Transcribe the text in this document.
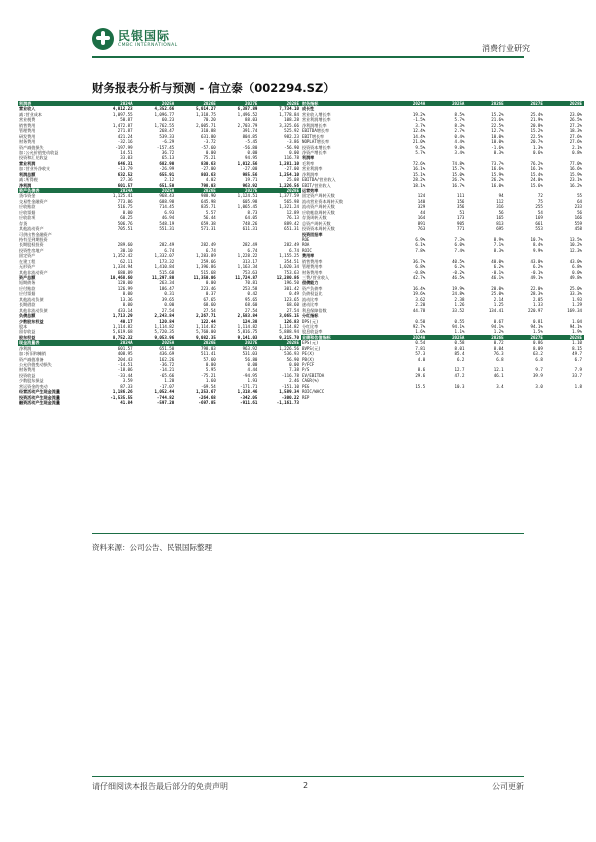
民银国际
CMBC INTERNATIONAL	消费行业研究
财务报表分析与预测 - 信立泰（002294.SZ）
利润表	2024A	2025A	2026E	2027E	2028E
营业收入	4,012.23	4,352.66	5,014.27	6,387.89	7,734.10
减:营业成本	1,097.55	1,096.77	1,318.75	1,496.52	1,778.84
营业税费	50.87	60.23	70.20	88.03	108.28
销售费用	1,472.87	1,762.55	2,005.71	2,703.79	3,325.66
管理费用	271.87	268.47	310.88	391.74	525.92
研发费用	421.24	539.33	631.80	804.85	982.23
财务费用	-32.16	-6.29	-3.72	-5.45	-3.86
资产减值损失	-197.99	-157.45	-57.60	-56.80	-56.90
加:公允价值变动收益	14.51	36.72	0.00	0.00	0.00
投资和汇兑收益	33.03	65.13	75.21	94.95	116.78
营业利润	646.31	682.90	830.63	1,012.56	1,281.10
加:营业外净收支	-13.79	-26.99	-27.00	-27.00	-27.00
利润总额	632.52	655.91	803.63	985.56	1,254.10
减:所得税	27.36	2.12	4.02	19.71	25.08
净利润	601.57	651.50	798.03	963.92	1,226.56
资产负债表	2024A	2025A	2026E	2027E	2028E
货币资金	1,125.41	968.43	988.90	1,124.51	1,377.59
交易性金融资产	773.86	688.98	645.98	605.98	565.98
应收账款	516.75	714.45	835.71	1,065.45	1,321.24
应收票据	0.00	6.93	5.57	8.73	12.89
应收款项	60.25	46.94	56.44	64.05	76.13
存货	506.76	548.19	659.38	748.26	889.42
其他流动资产	705.51	551.31	571.31	611.31	651.31
可供出售金融资产
持有至到期投资
长期股权投资	289.60	282.49	282.49	282.49	282.49
投资性房地产	30.10	6.74	6.74	6.74	6.74
固定资产	1,352.42	1,332.07	1,283.89	1,228.22	1,155.25
在建工程	62.11	173.32	259.66	313.17	354.51
无形资产	1,334.94	1,410.84	1,396.86	1,163.34	1,020.34
其他非流动资产	680.89	515.68	515.68	753.63	753.63
资产总额	10,468.60	11,297.80	11,350.06	11,724.87	12,280.86
短期债务	120.00	263.34	0.00	70.81	196.50
应付账款	126.99	186.47	223.46	253.58	301.42
应付票据	0.00	0.31	0.37	0.42	0.49
其他流动负债	13.36	39.65	67.65	95.65	123.65
长期借款	0.00	0.00	68.60	68.60	68.60
其他非流动负债	433.14	27.54	27.54	27.54	27.54
负债总额	1,713.29	2,243.84	2,267.71	2,583.84	3,065.15
少数股东权益	40.17	120.84	122.44	124.38	126.83
股本	1,114.82	1,114.82	1,114.82	1,114.82	1,114.82
留存收益	5,619.68	5,720.35	5,760.00	5,816.75	5,888.94
股东权益	8,752.32	9,053.96	9,082.35	9,141.03	9,215.70
现金流量表	2024A	2025A	2026E	2027E	2028E
净利润	601.57	651.50	798.03	963.92	1,226.56
加:折旧和摊销	408.95	436.69	511.41	531.03	536.93
资产减值准备	204.43	162.26	57.60	56.80	56.90
公允价值变动损失	-14.51	-36.72	0.00	0.00	0.00
财务费用	-18.06	-14.21	5.95	4.44	7.38
投资收益	-33.44	-65.66	-75.21	-94.95	-116.78
少数股东损益	3.59	1.28	1.60	1.93	2.46
营运资金的变动	87.33	-17.07	-69.54	-171.71	-151.10
经营活动产生现金流量	1,186.26	1,052.44	1,253.67	1,318.46	1,589.34
投资活动产生现金流量	-1,535.55	-744.82	-264.68	-342.05	-300.22
融资活动产生现金流量	41.84	-597.20	-697.85	-911.61	-1,161.73
财务指标	2024A	2025A	2026E	2027E	2028E
成长性
营业收入增长率	19.2%	8.5%	15.2%	25.4%	23.0%
营业利润增长率	-1.5%	5.7%	21.6%	21.9%	26.5%
净利润增长率	3.7%	8.3%	22.5%	20.8%	27.2%
EBITDA增长率	12.4%	2.7%	12.7%	15.2%	18.3%
EBIT增长率	14.4%	0.4%	10.0%	22.5%	27.6%
NOPLAT增长率	21.0%	4.4%	10.0%	20.7%	27.6%
投资资本增长率	9.5%	9.8%	-1.6%	1.3%	2.1%
净资产增长率	5.7%	3.4%	0.3%	0.6%	0.8%
利润率
毛利率	72.6%	74.8%	73.7%	76.2%	77.0%
营业利润率	16.1%	15.7%	16.6%	16.1%	16.6%
净利润率	15.1%	15.0%	15.9%	15.4%	15.9%
EBITDA/营业收入	28.2%	26.7%	26.2%	24.0%	23.1%
EBIT/营业收入	18.1%	16.7%	16.0%	15.6%	16.2%
运营效率
固定资产周转天数	124	111	94	72	55
流动营业资本周转天数	140	156	112	75	64
流动资产周转天数	329	356	316	255	233
应收帐款周转天数	44	51	56	54	56
存货周转天数	164	173	165	169	166
总资产周转天数	891	905	813	661	559
投资资本周转天数	763	771	695	553	458
投资回报率
ROE	6.9%	7.3%	8.9%	10.7%	13.5%
ROA	6.1%	6.0%	7.1%	8.4%	10.2%
ROIC	7.8%	7.4%	8.3%	9.9%	12.3%
费用率
销售费用率	36.7%	40.5%	40.0%	43.0%	43.0%
管理费用率	6.8%	6.2%	6.2%	6.2%	6.8%
财务费用率	-0.8%	-0.2%	-0.1%	-0.1%	0.0%
三费/营业收入	42.7%	46.5%	46.1%	49.1%	49.8%
偿债能力
资产负债率	16.4%	19.9%	20.0%	22.0%	25.0%
负债权益比	19.6%	24.8%	25.0%	28.3%	33.3%
流动比率	3.62	2.38	2.14	2.05	1.93
速动比率	2.20	1.26	1.25	1.33	1.29
利息保障倍数	44.78	33.52	134.41	220.97	169.34
分红指标
DPS(元)	0.50	0.55	0.67	0.81	1.04
分红比率	92.7%	94.1%	94.1%	94.1%	94.1%
股息收益率	1.6%	1.1%	1.2%	1.5%	1.9%
业绩和估值指标	2024A	2025A	2026E	2027E	2028E
EPS(元)	0.54	0.58	0.72	0.86	1.10
BVPS(元)	7.81	8.01	8.04	8.09	8.15
PE(X)	57.3	85.4	76.3	63.2	49.7
PB(X)	4.0	6.2	6.8	6.8	6.7
P/FCF
P/S	8.6	12.7	12.1	9.7	7.9
EV/EBITDA	29.6	47.2	46.1	39.9	33.7
CAGR(%)
PEG	15.5	10.3	3.4	3.0	1.8
ROIC/WACC
REP
资料来源：公司公告、民银国际整理
请仔细阅读本报告最后部分的免责声明	2	公司更新
